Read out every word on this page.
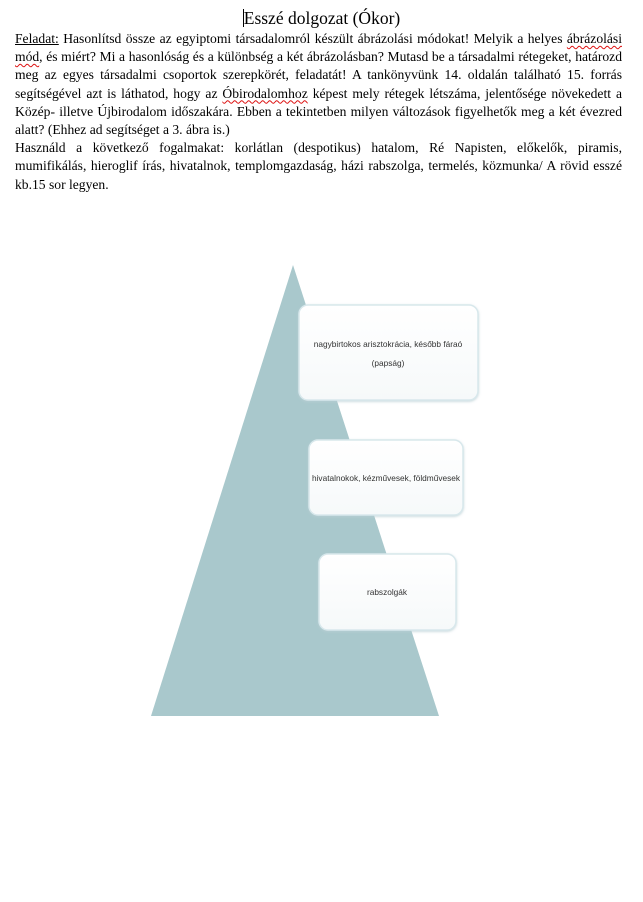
Esszé dolgozat (Ókor)

Feladat: Hasonlítsd össze az egyiptomi társadalomról készült ábrázolási módokat! Melyik a helyes ábrázolási mód, és miért? Mi a hasonlóság és a különbség a két ábrázolásban? Mutasd be a társadalmi rétegeket, határozd meg az egyes társadalmi csoportok szerepkörét, feladatát! A tankönyvünk 14. oldalán található 15. forrás segítségével azt is láthatod, hogy az Óbirodalomhoz képest mely rétegek létszáma, jelentősége növekedett a Közép- illetve Újbirodalom időszakára. Ebben a tekintetben milyen változások figyelhetők meg a két évezred alatt? (Ehhez ad segítséget a 3. ábra is.)

Használd a következő fogalmakat: korlátlan (despotikus) hatalom, Ré Napisten, előkelők, piramis, mumifikálás, hieroglif írás, hivatalnok, templomgazdaság, házi rabszolga, termelés, közmunka/ A rövid esszé kb.15 sor legyen.

nagybirtokos arisztokrácia, később fáraó
(papság)
hivatalnokok, kézművesek, földművesek
rabszolgák
